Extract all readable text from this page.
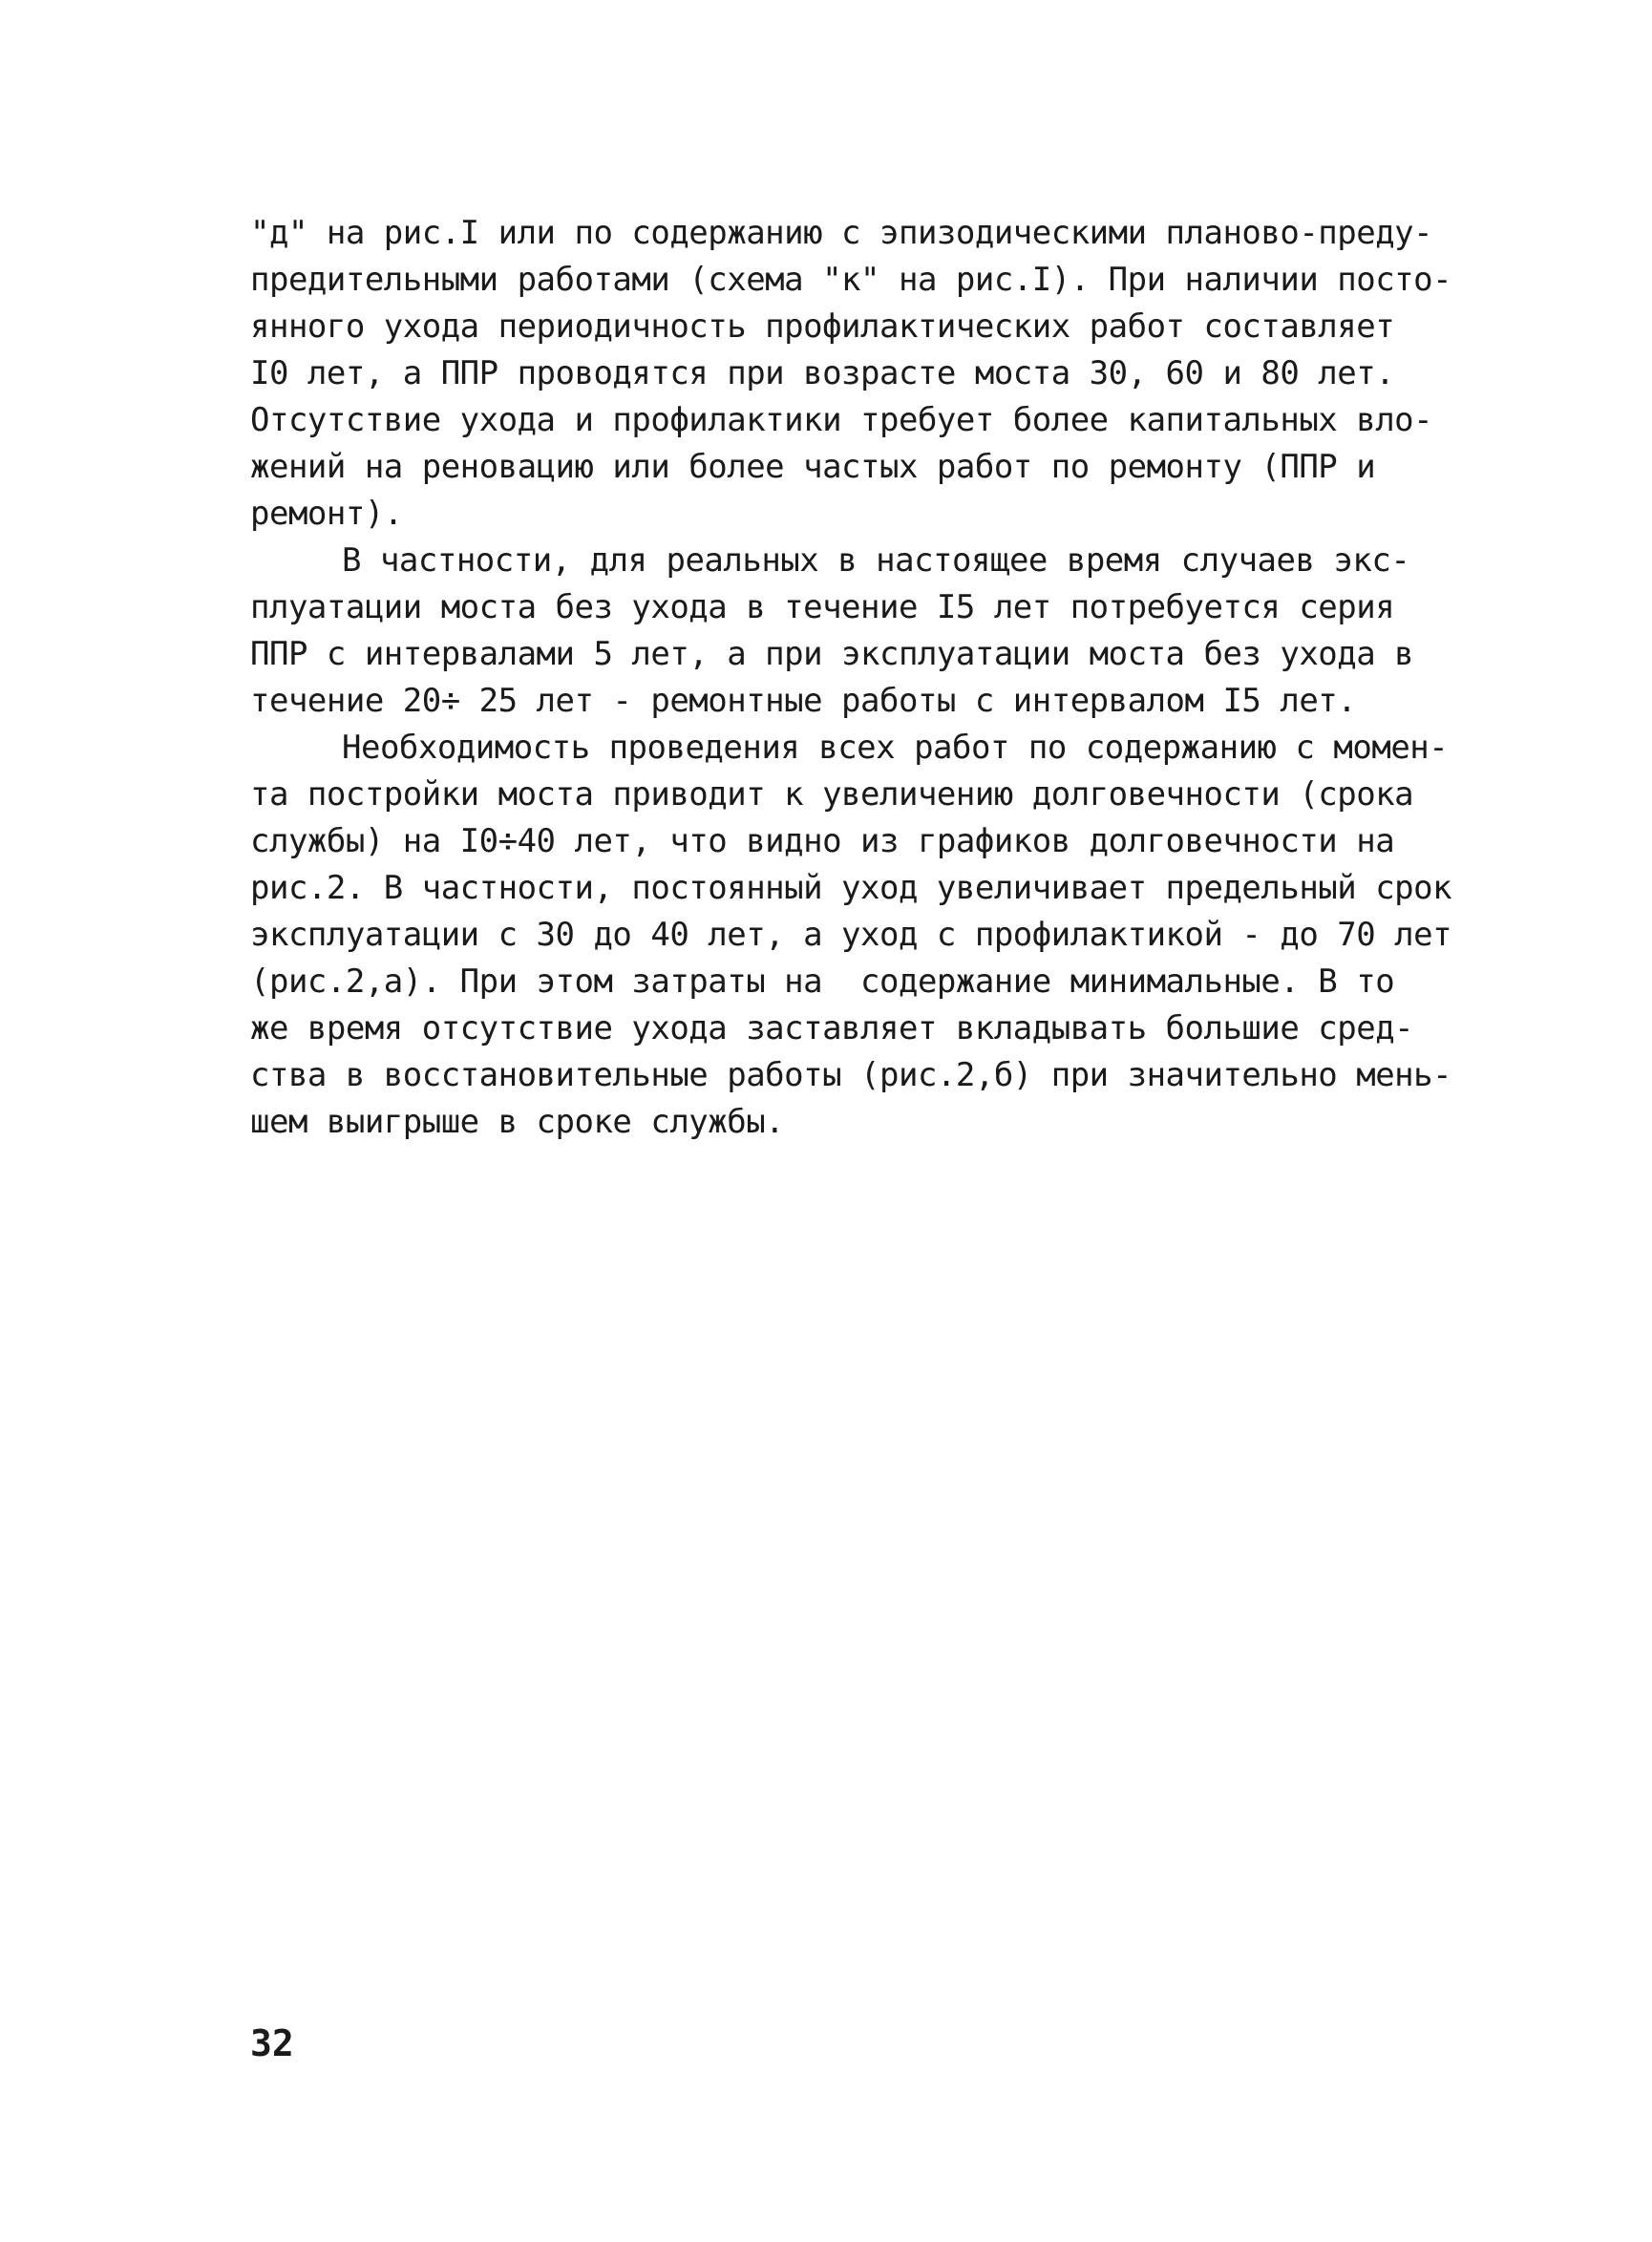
"д" на рис.I или по содержанию с эпизодическими планово-преду-
предительными работами (схема "к" на рис.I). При наличии посто-
янного ухода периодичность профилактических работ составляет
I0 лет, а ППР проводятся при возрасте моста 30, 60 и 80 лет.
Отсутствие ухода и профилактики требует более капитальных вло-
жений на реновацию или более частых работ по ремонту (ППР и
ремонт).
В частности, для реальных в настоящее время случаев экс-
плуатации моста без ухода в течение I5 лет потребуется серия
ППР с интервалами 5 лет, а при эксплуатации моста без ухода в
течение 20÷ 25 лет - ремонтные работы с интервалом I5 лет.
Необходимость проведения всех работ по содержанию с момен-
та постройки моста приводит к увеличению долговечности (срока
службы) на I0÷40 лет, что видно из графиков долговечности на
рис.2. В частности, постоянный уход увеличивает предельный срок
эксплуатации с 30 до 40 лет, а уход с профилактикой - до 70 лет
(рис.2,а). При этом затраты на  содержание минимальные. В то
же время отсутствие ухода заставляет вкладывать большие сред-
ства в восстановительные работы (рис.2,б) при значительно мень-
шем выигрыше в сроке службы.
32
